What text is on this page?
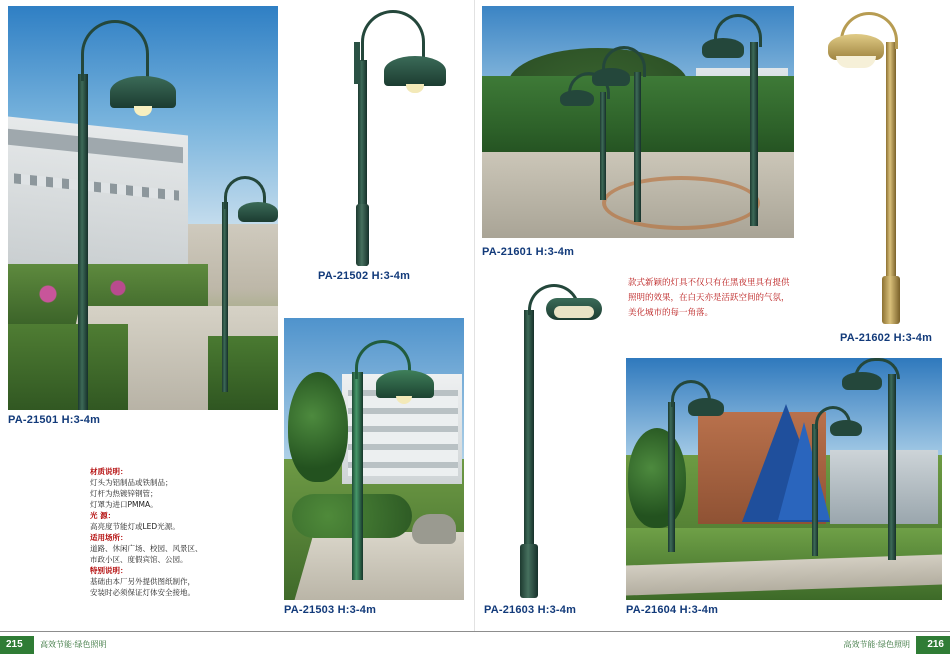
PA-21501 H:3-4m
材质说明：
灯头为铝制品或铁制品；
灯杆为热镀锌钢管；
灯罩为进口PMMA。
光 源：
高亮度节能灯或LED光源。
适用场所：
道路、休闲广场、校园、风景区、
市政小区、度假宾馆、公园。
特别说明：
基础由本厂另外提供图纸制作，
安装时必须保证灯体安全接地。
PA-21502 H:3-4m
PA-21503 H:3-4m
PA-21601 H:3-4m
PA-21602 H:3-4m
款式新颖的灯具不仅只有在黑夜里具有提供照明的效果，在白天亦是活跃空间的气氛，美化城市的每一角落。
PA-21603 H:3-4m	PA-21604 H:3-4m
215 高效节能·绿色照明	216
高效节能·绿色照明
